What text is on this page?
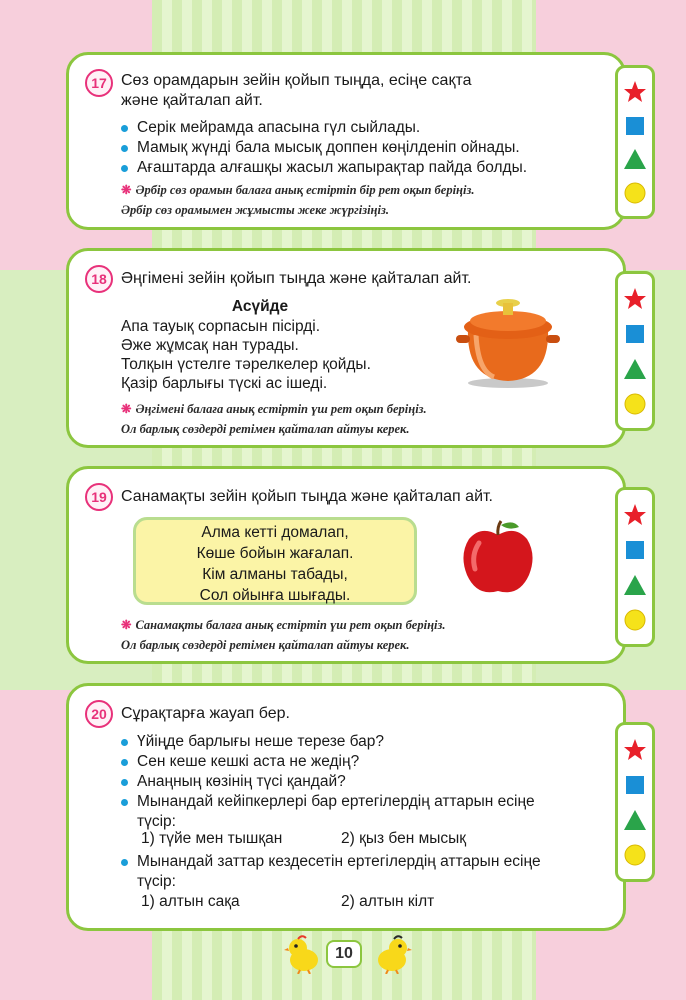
17 Сөз орамдарын зейін қойып тыңда, есіңе сақта
және қайталап айт.
Серік мейрамда апасына гүл сыйлады.
Мамық жүнді бала мысық доппен көңілденіп ойнады.
Ағаштарда алғашқы жасыл жапырақтар пайда болды.
❋ Әрбір сөз орамын балаға анық естіртіп бір рет оқып беріңіз.
Әрбір сөз орамымен жұмысты жеке жүргізіңіз.
18 Әңгімені зейін қойып тыңда және қайталап айт.
Асүйде
Апа тауық сорпасын пісірді.
Әже жұмсақ нан турады.
Толқын үстелге тәрелкелер қойды.
Қазір барлығы түскі ас ішеді.
❋ Әңгімені балаға анық естіртіп үш рет оқып беріңіз.
Ол барлық сөздерді ретімен қайталап айтуы керек.
19 Санамақты зейін қойып тыңда және қайталап айт.
Алма кетті домалап,
Көше бойын жағалап.
Кім алманы табады,
Сол ойынға шығады.
❋ Санамақты балаға анық естіртіп үш рет оқып беріңіз.
Ол барлық сөздерді ретімен қайталап айтуы керек.
20 Сұрақтарға жауап бер.
Үйіңде барлығы неше терезе бар?
Сен кеше кешкі аста не жедің?
Анаңның көзінің түсі қандай?
Мынандай кейіпкерлері бар ертегілердің аттарын есіңе
түсір:
1) түйе мен тышқан	2) қыз бен мысық
Мынандай заттар кездесетін ертегілердің аттарын есіңе
түсір:
1) алтын сақа	2) алтын кілт
10
